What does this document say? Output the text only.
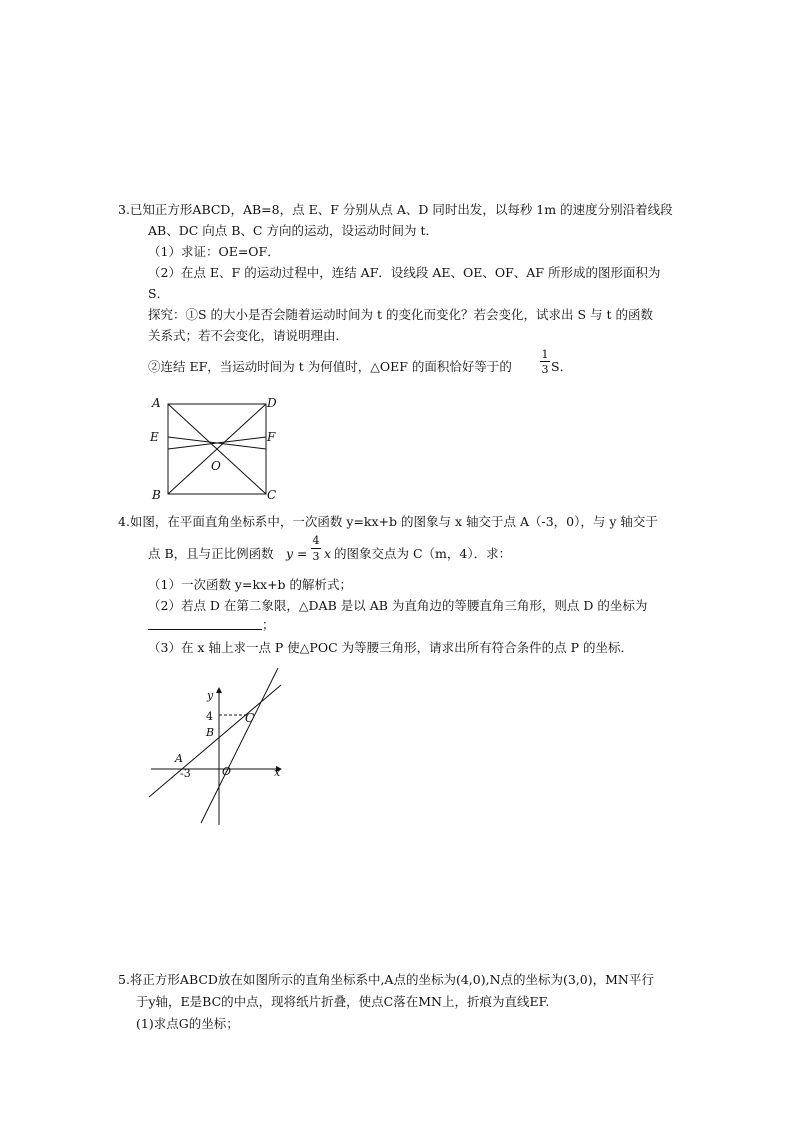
3.已知正方形ABCD，AB=8，点 E、F 分别从点 A、D 同时出发，以每秒 1m 的速度分别沿着线段
AB、DC 向点 B、C 方向的运动，设运动时间为 t．
（1）求证：OE=OF．
（2）在点 E、F 的运动过程中，连结 AF．设线段 AE、OE、OF、AF 所形成的图形面积为
S．
探究：①S 的大小是否会随着运动时间为 t 的变化而变化？若会变化，试求出 S 与 t 的函数
关系式；若不会变化，请说明理由．
②连结 EF，当运动时间为 t 为何值时，△OEF 的面积恰好等于的
1
3 S．
A	D
E	F
O
B	C
4.如图，在平面直角坐标系中，一次函数 y=kx+b 的图象与 x 轴交于点 A（-3，0），与 y 轴交于
点 B，且与正比例函数 y =
4
3 x 的图象交点为 C（m，4）．求：
（1）一次函数 y=kx+b 的解析式；
（2）若点 D 在第二象限，△DAB 是以 AB 为直角边的等腰直角三角形，则点 D 的坐标为
；
（3）在 x 轴上求一点 P 使△POC 为等腰三角形，请求出所有符合条件的点 P 的坐标．
y
4	C
B
A
-3	O	x
5.将正方形ABCD放在如图所示的直角坐标系中,A点的坐标为(4,0),N点的坐标为(3,0)，MN平行
于y轴，E是BC的中点，现将纸片折叠，使点C落在MN上，折痕为直线EF.
(1)求点G的坐标；
